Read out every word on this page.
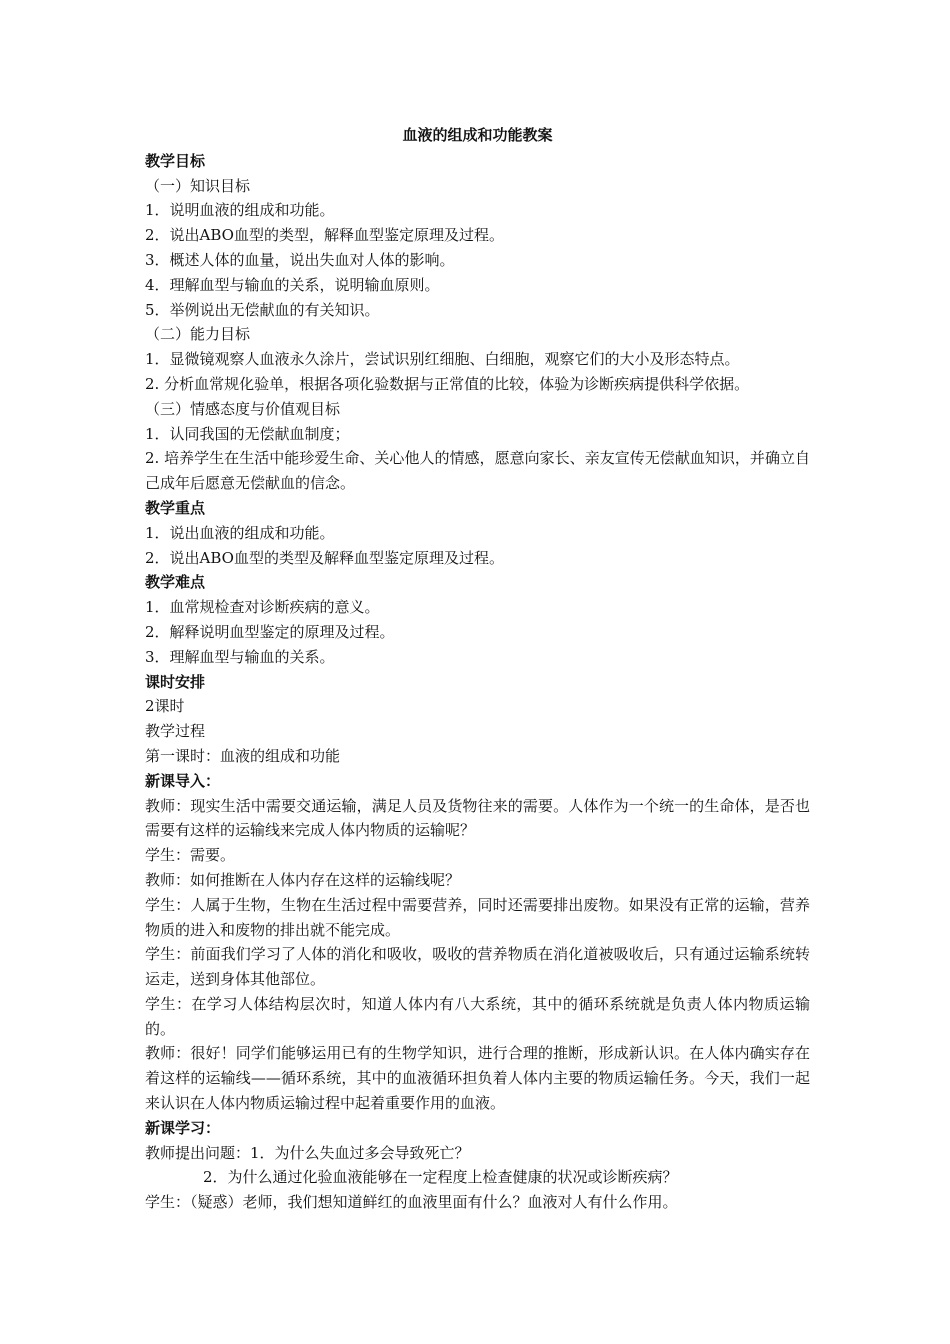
血液的组成和功能教案
教学目标
（一）知识目标
1．说明血液的组成和功能。
2．说出ABO血型的类型，解释血型鉴定原理及过程。
3．概述人体的血量，说出失血对人体的影响。
4．理解血型与输血的关系，说明输血原则。
5．举例说出无偿献血的有关知识。
（二）能力目标
1．显微镜观察人血液永久涂片，尝试识别红细胞、白细胞，观察它们的大小及形态特点。
2. 分析血常规化验单，根据各项化验数据与正常值的比较，体验为诊断疾病提供科学依据。
（三）情感态度与价值观目标
1．认同我国的无偿献血制度；
2. 培养学生在生活中能珍爱生命、关心他人的情感，愿意向家长、亲友宣传无偿献血知识，并确立自己成年后愿意无偿献血的信念。
教学重点
1．说出血液的组成和功能。
2．说出ABO血型的类型及解释血型鉴定原理及过程。
教学难点
1．血常规检查对诊断疾病的意义。
2．解释说明血型鉴定的原理及过程。
3．理解血型与输血的关系。
课时安排
2课时
教学过程
第一课时：血液的组成和功能
新课导入：
教师：现实生活中需要交通运输，满足人员及货物往来的需要。人体作为一个统一的生命体，是否也需要有这样的运输线来完成人体内物质的运输呢？
学生：需要。
教师：如何推断在人体内存在这样的运输线呢？
学生：人属于生物，生物在生活过程中需要营养，同时还需要排出废物。如果没有正常的运输，营养物质的进入和废物的排出就不能完成。
学生：前面我们学习了人体的消化和吸收，吸收的营养物质在消化道被吸收后，只有通过运输系统转运走，送到身体其他部位。
学生：在学习人体结构层次时，知道人体内有八大系统，其中的循环系统就是负责人体内物质运输的。
教师：很好！同学们能够运用已有的生物学知识，进行合理的推断，形成新认识。在人体内确实存在着这样的运输线——循环系统，其中的血液循环担负着人体内主要的物质运输任务。今天，我们一起来认识在人体内物质运输过程中起着重要作用的血液。
新课学习：
教师提出问题：1．为什么失血过多会导致死亡？
2．为什么通过化验血液能够在一定程度上检查健康的状况或诊断疾病？
学生：（疑惑）老师，我们想知道鲜红的血液里面有什么？血液对人有什么作用。
